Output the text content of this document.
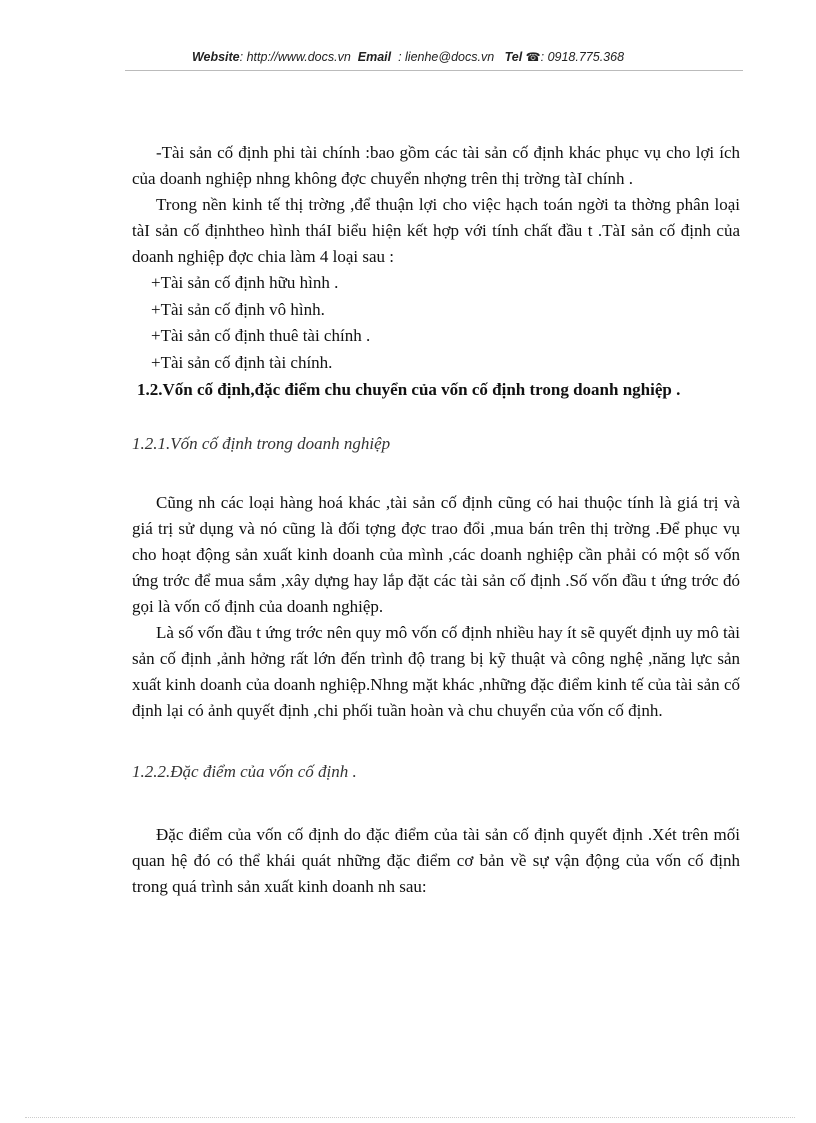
Website: http://www.docs.vn Email : lienhe@docs.vn Tel ☎: 0918.775.368

-Tài sản cố định phi tài chính :bao gồm các tài sản cố định khác phục vụ cho lợi ích của doanh nghiệp nhng không đợc chuyển nhợng trên thị trờng tàI chính .

Trong nền kinh tế thị trờng ,để thuận lợi cho việc hạch toán ngời ta thờng phân loại tàI sản cố địnhtheo hình tháI biểu hiện kết hợp với tính chất đầu t .TàI sản cố định của doanh nghiệp đợc chia làm 4 loại sau :

+Tài sản cố định hữu hình .

+Tài sản cố định vô hình.

+Tài sản cố định thuê tài chính .

+Tài sản cố định tài chính.

1.2.Vốn cố định,đặc điểm chu chuyển của vốn cố định trong doanh nghiệp .

1.2.1.Vốn cố định trong doanh nghiệp

Cũng nh các loại hàng hoá khác ,tài sản cố định cũng có hai thuộc tính là giá trị và giá trị sử dụng và nó cũng là đối tợng đợc trao đổi ,mua bán trên thị trờng .Để phục vụ cho hoạt động sản xuất kinh doanh của mình ,các doanh nghiệp cần phải có một số vốn ứng trớc để mua sắm ,xây dựng hay lắp đặt các tài sản cố định .Số vốn đầu t ứng trớc đó gọi là vốn cố định của doanh nghiệp.

Là số vốn đầu t ứng trớc nên quy mô vốn cố định nhiều hay ít sẽ quyết định uy mô tài sản cố định ,ảnh hởng rất lớn đến trình độ trang bị kỹ thuật và công nghệ ,năng lực sản xuất kinh doanh của doanh nghiệp.Nhng mặt khác ,những đặc điểm kinh tế của tài sản cố định lại có ảnh quyết định ,chi phối tuần hoàn và chu chuyển của vốn cố định.

1.2.2.Đặc điểm của vốn cố định .

Đặc điểm của vốn cố định do đặc điểm của tài sản cố định quyết định .Xét trên mối quan hệ đó có thể khái quát những đặc điểm cơ bản về sự vận động của vốn cố định trong quá trình sản xuất kinh doanh nh sau:
